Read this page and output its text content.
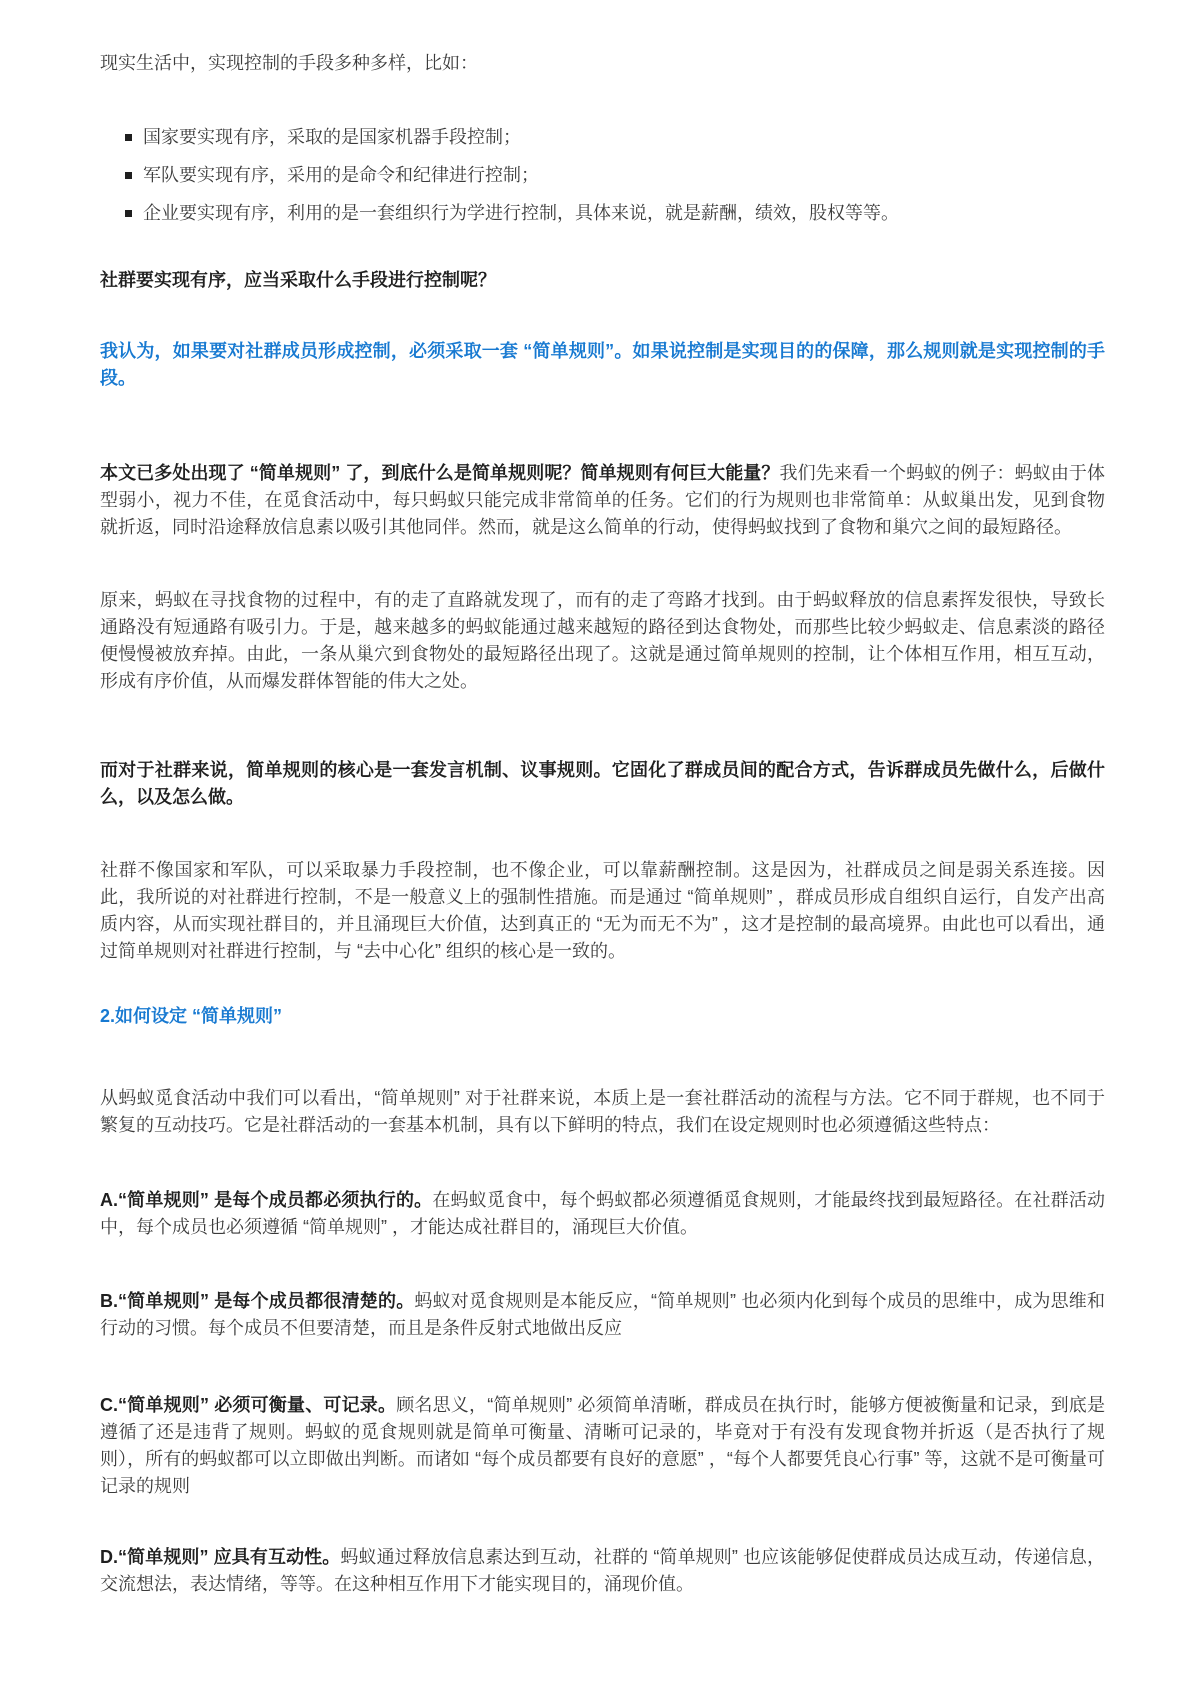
现实生活中，实现控制的手段多种多样，比如：

国家要实现有序，采取的是国家机器手段控制；
军队要实现有序，采用的是命令和纪律进行控制；
企业要实现有序，利用的是一套组织行为学进行控制，具体来说，就是薪酬，绩效，股权等等。

社群要实现有序，应当采取什么手段进行控制呢？

我认为，如果要对社群成员形成控制，必须采取一套 “简单规则”。如果说控制是实现目的的保障，那么规则就是实现控制的手段。

本文已多处出现了 “简单规则” 了，到底什么是简单规则呢？简单规则有何巨大能量？我们先来看一个蚂蚁的例子：蚂蚁由于体型弱小，视力不佳，在觅食活动中，每只蚂蚁只能完成非常简单的任务。它们的行为规则也非常简单：从蚁巢出发，见到食物就折返，同时沿途释放信息素以吸引其他同伴。然而，就是这么简单的行动，使得蚂蚁找到了食物和巢穴之间的最短路径。

原来，蚂蚁在寻找食物的过程中，有的走了直路就发现了，而有的走了弯路才找到。由于蚂蚁释放的信息素挥发很快，导致长通路没有短通路有吸引力。于是，越来越多的蚂蚁能通过越来越短的路径到达食物处，而那些比较少蚂蚁走、信息素淡的路径便慢慢被放弃掉。由此，一条从巢穴到食物处的最短路径出现了。这就是通过简单规则的控制，让个体相互作用，相互互动，形成有序价值，从而爆发群体智能的伟大之处。

而对于社群来说，简单规则的核心是一套发言机制、议事规则。它固化了群成员间的配合方式，告诉群成员先做什么，后做什么，以及怎么做。

社群不像国家和军队，可以采取暴力手段控制，也不像企业，可以靠薪酬控制。这是因为，社群成员之间是弱关系连接。因此，我所说的对社群进行控制，不是一般意义上的强制性措施。而是通过 “简单规则” ，群成员形成自组织自运行，自发产出高质内容，从而实现社群目的，并且涌现巨大价值，达到真正的 “无为而无不为” ，这才是控制的最高境界。由此也可以看出，通过简单规则对社群进行控制，与 “去中心化” 组织的核心是一致的。

2.如何设定 “简单规则”

从蚂蚁觅食活动中我们可以看出，“简单规则” 对于社群来说，本质上是一套社群活动的流程与方法。它不同于群规，也不同于繁复的互动技巧。它是社群活动的一套基本机制，具有以下鲜明的特点，我们在设定规则时也必须遵循这些特点：

A.“简单规则” 是每个成员都必须执行的。在蚂蚁觅食中，每个蚂蚁都必须遵循觅食规则，才能最终找到最短路径。在社群活动中，每个成员也必须遵循 “简单规则” ，才能达成社群目的，涌现巨大价值。

B.“简单规则” 是每个成员都很清楚的。蚂蚁对觅食规则是本能反应，“简单规则” 也必须内化到每个成员的思维中，成为思维和行动的习惯。每个成员不但要清楚，而且是条件反射式地做出反应

C.“简单规则” 必须可衡量、可记录。顾名思义，“简单规则” 必须简单清晰，群成员在执行时，能够方便被衡量和记录，到底是遵循了还是违背了规则。蚂蚁的觅食规则就是简单可衡量、清晰可记录的，毕竟对于有没有发现食物并折返（是否执行了规则），所有的蚂蚁都可以立即做出判断。而诸如 “每个成员都要有良好的意愿” ，“每个人都要凭良心行事” 等，这就不是可衡量可记录的规则

D.“简单规则” 应具有互动性。蚂蚁通过释放信息素达到互动，社群的 “简单规则” 也应该能够促使群成员达成互动，传递信息，交流想法，表达情绪，等等。在这种相互作用下才能实现目的，涌现价值。
